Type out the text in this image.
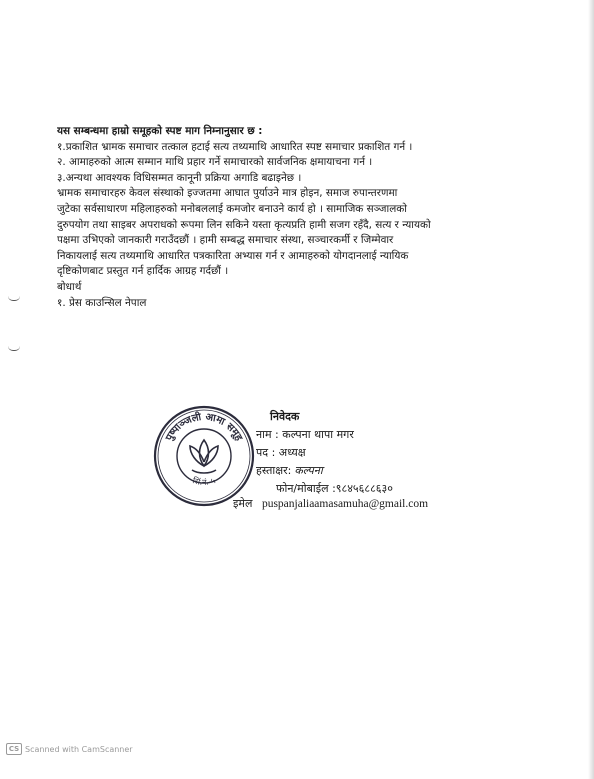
यस सम्बन्धमा हाम्रो समूहको स्पष्ट माग निम्नानुसार छ :
१.प्रकाशित भ्रामक समाचार तत्काल हटाई सत्य तथ्यमाथि आधारित स्पष्ट समाचार प्रकाशित गर्न ।
२. आमाहरुको आत्म सम्मान माथि प्रहार गर्ने समाचारको सार्वजनिक क्षमायाचना गर्न ।
३.अन्यथा आवश्यक विधिसम्मत कानूनी प्रक्रिया अगाडि बढाइनेछ ।
भ्रामक समाचारहरु केवल संस्थाको इज्जतमा आघात पुर्याउने मात्र होइन, समाज रुपान्तरणमा
जुटेका सर्वसाधारण महिलाहरुको मनोबललाई कमजोर बनाउने कार्य हो । सामाजिक सञ्जालको
दुरुपयोग तथा साइबर अपराधको रूपमा लिन सकिने यस्ता कृत्यप्रति हामी सजग रहँदै, सत्य र न्यायको
पक्षमा उभिएको जानकारी गराउँदछौं । हामी सम्बद्ध समाचार संस्था, सञ्चारकर्मी र जिम्मेवार
निकायलाई सत्य तथ्यमाथि आधारित पत्रकारिता अभ्यास गर्न र आमाहरुको योगदानलाई न्यायिक
दृष्टिकोणबाट प्रस्तुत गर्न हार्दिक आग्रह गर्दछौं ।
बोधार्थ
१. प्रेस काउन्सिल नेपाल
पुष्पाञ्जली आमा समूह
सिं.नं.-५
निवेदक
नाम : कल्पना थापा मगर
पद : अध्यक्ष
हस्ताक्षर: कल्पना
फोन/मोबाईल :९८४५६८८६३०
इमेल puspanjaliaamasamuha@gmail.com
CS Scanned with CamScanner
